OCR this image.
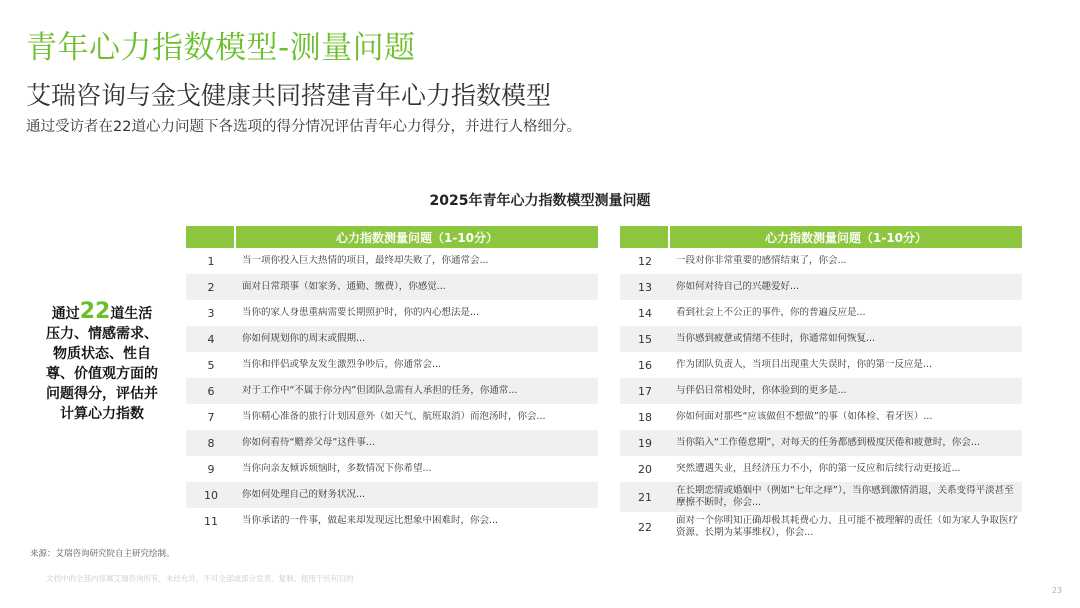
青年心力指数模型-测量问题
艾瑞咨询与金戈健康共同搭建青年心力指数模型
通过受访者在22道心力问题下各选项的得分情况评估青年心力得分，并进行人格细分。
2025年青年心力指数模型测量问题
通过22道生活压力、情感需求、物质状态、性自尊、价值观方面的问题得分，评估并计算心力指数
心力指数测量问题（1-10分）
1	当一项你投入巨大热情的项目，最终却失败了，你通常会...
2	面对日常琐事（如家务、通勤、缴费），你感觉...
3	当你的家人身患重病需要长期照护时，你的内心想法是...
4	你如何规划你的周末或假期...
5	当你和伴侣或挚友发生激烈争吵后，你通常会...
6	对于工作中“不属于你分内”但团队急需有人承担的任务，你通常...
7	当你精心准备的旅行计划因意外（如天气、航班取消）而泡汤时，你会...
8	你如何看待“赡养父母”这件事...
9	当你向亲友倾诉烦恼时，多数情况下你希望...
10	你如何处理自己的财务状况...
11	当你承诺的一件事，做起来却发现远比想象中困难时，你会...
心力指数测量问题（1-10分）
12	一段对你非常重要的感情结束了，你会...
13	你如何对待自己的兴趣爱好...
14	看到社会上不公正的事件，你的普遍反应是...
15	当你感到疲惫或情绪不佳时，你通常如何恢复...
16	作为团队负责人，当项目出现重大失误时，你的第一反应是...
17	与伴侣日常相处时，你体验到的更多是...
18	你如何面对那些“应该做但不想做”的事（如体检、看牙医）...
19	当你陷入“工作倦怠期”，对每天的任务都感到极度厌倦和疲惫时，你会...
20	突然遭遇失业，且经济压力不小，你的第一反应和后续行动更接近...
21	在长期恋情或婚姻中（例如“七年之痒”），当你感到激情消退，关系变得平淡甚至摩擦不断时，你会...
22	面对一个你明知正确却极其耗费心力、且可能不被理解的责任（如为家人争取医疗资源、长期为某事维权），你会...
来源：艾瑞咨询研究院自主研究绘制。
文档中的全部内容属艾瑞咨询所有，未经允许，不可全部或部分发表、复制、使用于任何目的
23
